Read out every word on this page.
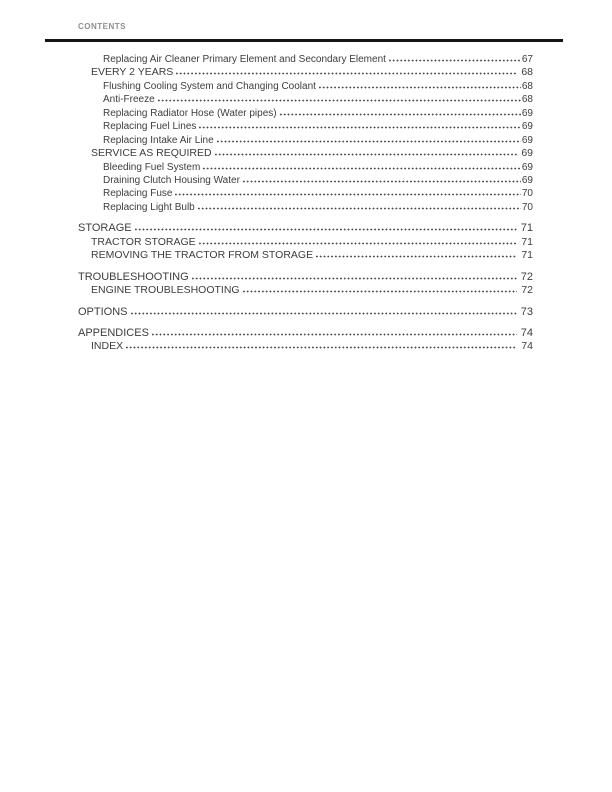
CONTENTS
Replacing Air Cleaner Primary Element and Secondary Element	67
EVERY 2 YEARS	68
Flushing Cooling System and Changing Coolant	68
Anti-Freeze	68
Replacing Radiator Hose (Water pipes)	69
Replacing Fuel Lines	69
Replacing Intake Air Line	69
SERVICE AS REQUIRED	69
Bleeding Fuel System	69
Draining Clutch Housing Water	69
Replacing Fuse	70
Replacing Light Bulb	70
STORAGE	71
TRACTOR STORAGE	71
REMOVING THE TRACTOR FROM STORAGE	71
TROUBLESHOOTING	72
ENGINE TROUBLESHOOTING	72
OPTIONS	73
APPENDICES	74
INDEX	74
